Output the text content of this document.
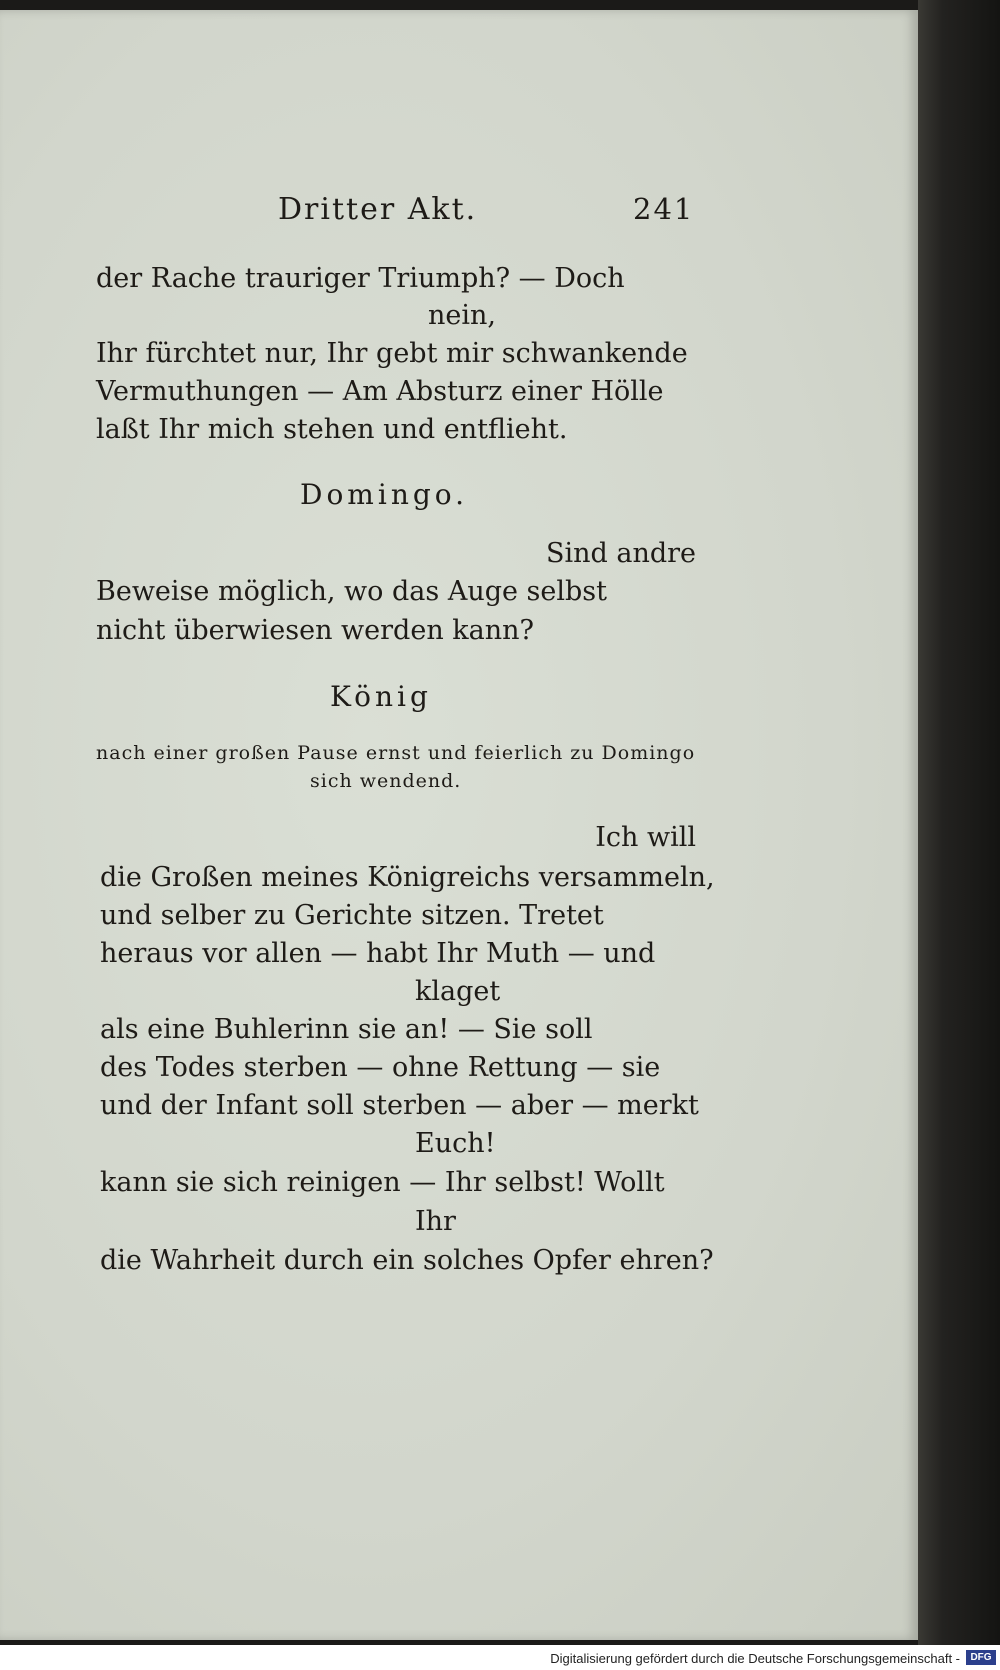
Dritter Akt.	241
der Rache trauriger Triumph? — Doch
nein,
Ihr fürchtet nur, Ihr gebt mir schwankende
Vermuthungen — Am Absturz einer Hölle
laßt Ihr mich stehen und entflieht.
Domingo.
Sind andre
Beweise möglich, wo das Auge selbst
nicht überwiesen werden kann?
König
nach einer großen Pause ernst und feierlich zu Domingo
sich wendend.
Ich will
die Großen meines Königreichs versammeln,
und selber zu Gerichte sitzen. Tretet
heraus vor allen — habt Ihr Muth — und
klaget
als eine Buhlerinn sie an! — Sie soll
des Todes sterben — ohne Rettung — sie
und der Infant soll sterben — aber — merkt
Euch!
kann sie sich reinigen — Ihr selbst! Wollt
Ihr
die Wahrheit durch ein solches Opfer ehren?
Digitalisierung gefördert durch die Deutsche Forschungsgemeinschaft -	DFG
